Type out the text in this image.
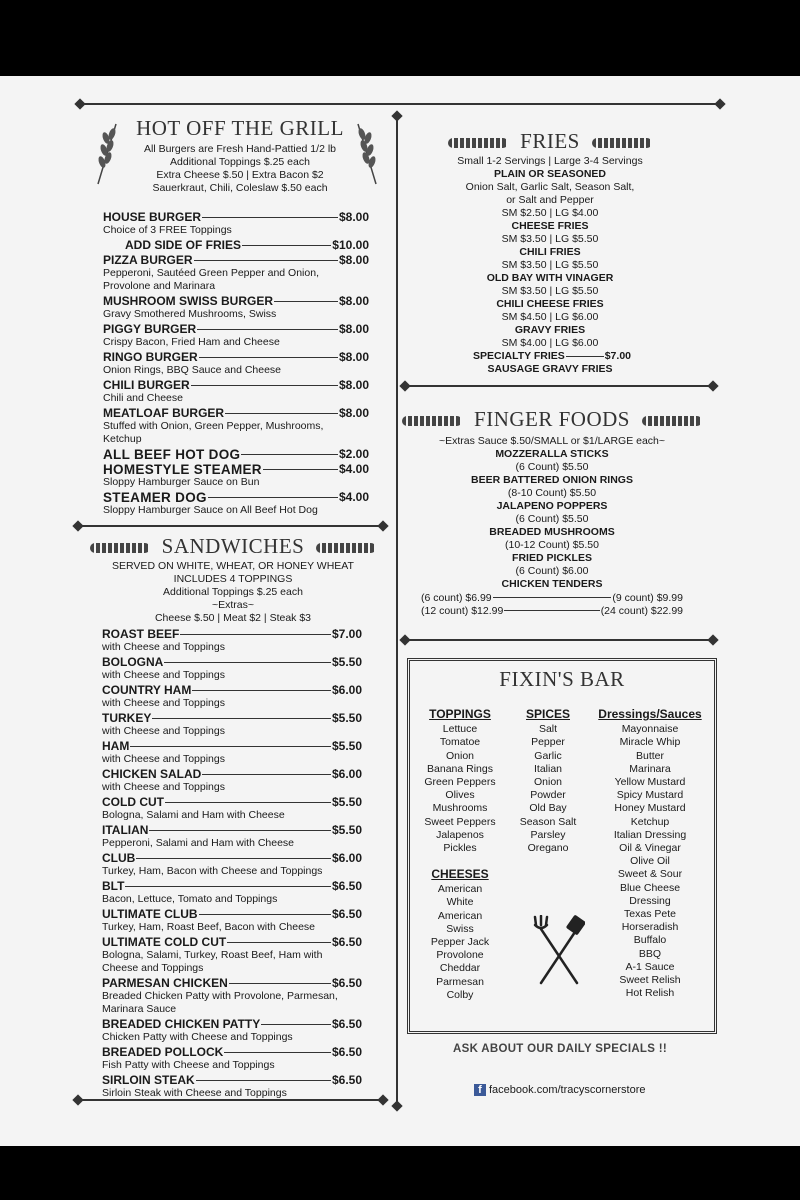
HOT OFF THE GRILL
All Burgers are Fresh Hand-Pattied 1/2 lb
Additional Toppings $.25 each
Extra Cheese $.50 | Extra Bacon $2
Sauerkraut, Chili, Coleslaw $.50 each
HOUSE BURGER	$8.00
Choice of 3 FREE Toppings
ADD SIDE OF FRIES	$10.00
PIZZA BURGER	$8.00
Pepperoni, Sautéed Green Pepper and Onion,
Provolone and Marinara
MUSHROOM SWISS BURGER	$8.00
Gravy Smothered Mushrooms, Swiss
PIGGY BURGER	$8.00
Crispy Bacon, Fried Ham and Cheese
RINGO BURGER	$8.00
Onion Rings, BBQ Sauce and Cheese
CHILI BURGER	$8.00
Chili and Cheese
MEATLOAF BURGER	$8.00
Stuffed with Onion, Green Pepper, Mushrooms,
Ketchup
ALL BEEF HOT DOG	$2.00
HOMESTYLE STEAMER	$4.00
Sloppy Hamburger Sauce on Bun
STEAMER DOG	$4.00
Sloppy Hamburger Sauce on All Beef Hot Dog
SANDWICHES
SERVED ON WHITE, WHEAT, OR HONEY WHEAT
INCLUDES 4 TOPPINGS
Additional Toppings $.25 each
~Extras~
Cheese $.50 | Meat $2 | Steak $3
ROAST BEEF	$7.00
with Cheese and Toppings
BOLOGNA	$5.50
with Cheese and Toppings
COUNTRY HAM	$6.00
with Cheese and Toppings
TURKEY	$5.50
with Cheese and Toppings
HAM	$5.50
with Cheese and Toppings
CHICKEN SALAD	$6.00
with Cheese and Toppings
COLD CUT	$5.50
Bologna, Salami and Ham with Cheese
ITALIAN	$5.50
Pepperoni, Salami and Ham with Cheese
CLUB	$6.00
Turkey, Ham, Bacon with Cheese and Toppings
BLT	$6.50
Bacon, Lettuce, Tomato and Toppings
ULTIMATE CLUB	$6.50
Turkey, Ham, Roast Beef, Bacon with Cheese
ULTIMATE COLD CUT	$6.50
Bologna, Salami, Turkey, Roast Beef, Ham with
Cheese and Toppings
PARMESAN CHICKEN	$6.50
Breaded Chicken Patty with Provolone, Parmesan,
Marinara Sauce
BREADED CHICKEN PATTY	$6.50
Chicken Patty with Cheese and Toppings
BREADED POLLOCK	$6.50
Fish Patty with Cheese and Toppings
SIRLOIN STEAK	$6.50
Sirloin Steak with Cheese and Toppings
FRIES
Small 1-2 Servings | Large 3-4 Servings
PLAIN OR SEASONED
Onion Salt, Garlic Salt, Season Salt,
or Salt and Pepper
SM $2.50 | LG $4.00
CHEESE FRIES
SM $3.50 | LG $5.50
CHILI FRIES
SM $3.50 | LG $5.50
OLD BAY WITH VINAGER
SM $3.50 | LG $5.50
CHILI CHEESE FRIES
SM $4.50 | LG $6.00
GRAVY FRIES
SM $4.00 | LG $6.00
SPECIALTY FRIES	$7.00
SAUSAGE GRAVY FRIES
FINGER FOODS
~Extras Sauce $.50/SMALL or $1/LARGE each~
MOZZERALLA STICKS
(6 Count) $5.50
BEER BATTERED ONION RINGS
(8-10 Count) $5.50
JALAPENO POPPERS
(6 Count) $5.50
BREADED MUSHROOMS
(10-12 Count) $5.50
FRIED PICKLES
(6 Count) $6.00
CHICKEN TENDERS
(6 count) $6.99	(9 count) $9.99
(12 count) $12.99	(24 count) $22.99
FIXIN'S BAR
TOPPINGS
Lettuce
Tomatoe
Onion
Banana Rings
Green Peppers
Olives
Mushrooms
Sweet Peppers
Jalapenos
Pickles
SPICES
Salt
Pepper
Garlic
Italian
Onion
Powder
Old Bay
Season Salt
Parsley
Oregano
Dressings/Sauces
Mayonnaise
Miracle Whip
Butter
Marinara
Yellow Mustard
Spicy Mustard
Honey Mustard
Ketchup
Italian Dressing
Oil & Vinegar
Olive Oil
Sweet & Sour
Blue Cheese
Dressing
Texas Pete
Horseradish
Buffalo
BBQ
A-1 Sauce
Sweet Relish
Hot Relish
CHEESES
American
White
American
Swiss
Pepper Jack
Provolone
Cheddar
Parmesan
Colby
ASK ABOUT OUR DAILY SPECIALS !!
f facebook.com/tracyscornerstore
